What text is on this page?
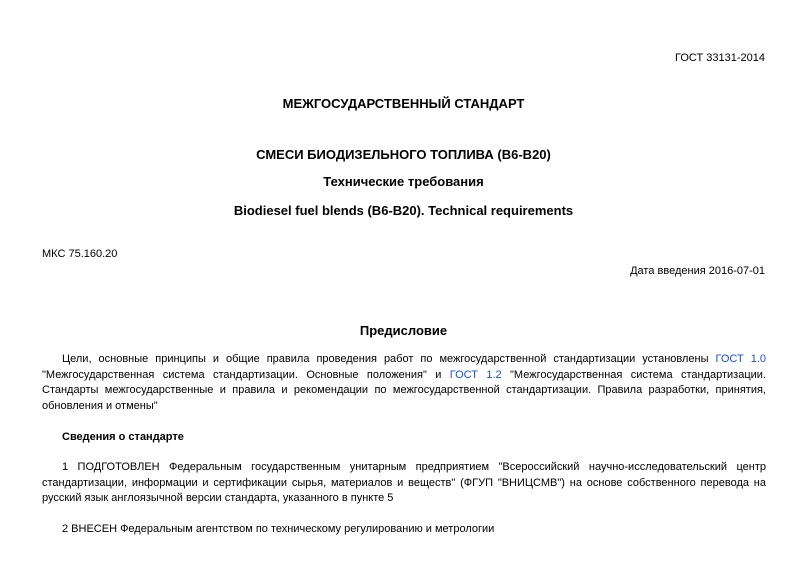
ГОСТ 33131-2014
МЕЖГОСУДАРСТВЕННЫЙ СТАНДАРТ
СМЕСИ БИОДИЗЕЛЬНОГО ТОПЛИВА (В6-В20)
Технические требования
Biodiesel fuel blends (B6-B20). Technical requirements
МКС 75.160.20
Дата введения 2016-07-01
Предисловие
Цели, основные принципы и общие правила проведения работ по межгосударственной стандартизации установлены ГОСТ 1.0 "Межгосударственная система стандартизации. Основные положения" и ГОСТ 1.2 "Межгосударственная система стандартизации. Стандарты межгосударственные и правила и рекомендации по межгосударственной стандартизации. Правила разработки, принятия, обновления и отмены"
Сведения о стандарте
1 ПОДГОТОВЛЕН Федеральным государственным унитарным предприятием "Всероссийский научно-исследовательский центр стандартизации, информации и сертификации сырья, материалов и веществ" (ФГУП "ВНИЦСМВ") на основе собственного перевода на русский язык англоязычной версии стандарта, указанного в пункте 5
2 ВНЕСЕН Федеральным агентством по техническому регулированию и метрологии
